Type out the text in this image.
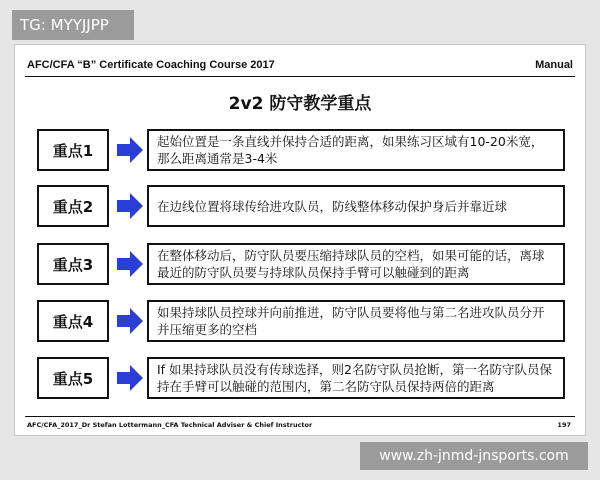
TG: MYYJJPP
AFC/CFA “B” Certificate Coaching Course 2017	Manual
2v2 防守教学重点
重点1	起始位置是一条直线并保持合适的距离，如果练习区域有10-20米宽，那么距离通常是3-4米
重点2	在边线位置将球传给进攻队员，防线整体移动保护身后并靠近球
重点3	在整体移动后，防守队员要压缩持球队员的空档，如果可能的话，离球最近的防守队员要与持球队员保持手臂可以触碰到的距离
重点4	如果持球队员控球并向前推进，防守队员要将他与第二名进攻队员分开并压缩更多的空档
重点5	If 如果持球队员没有传球选择，则2名防守队员抢断，第一名防守队员保持在手臂可以触碰的范围内，第二名防守队员保持两倍的距离
AFC/CFA_2017_Dr Stefan Lottermann_CFA Technical Adviser & Chief Instructor	197
www.zh-jnmd-jnsports.com
